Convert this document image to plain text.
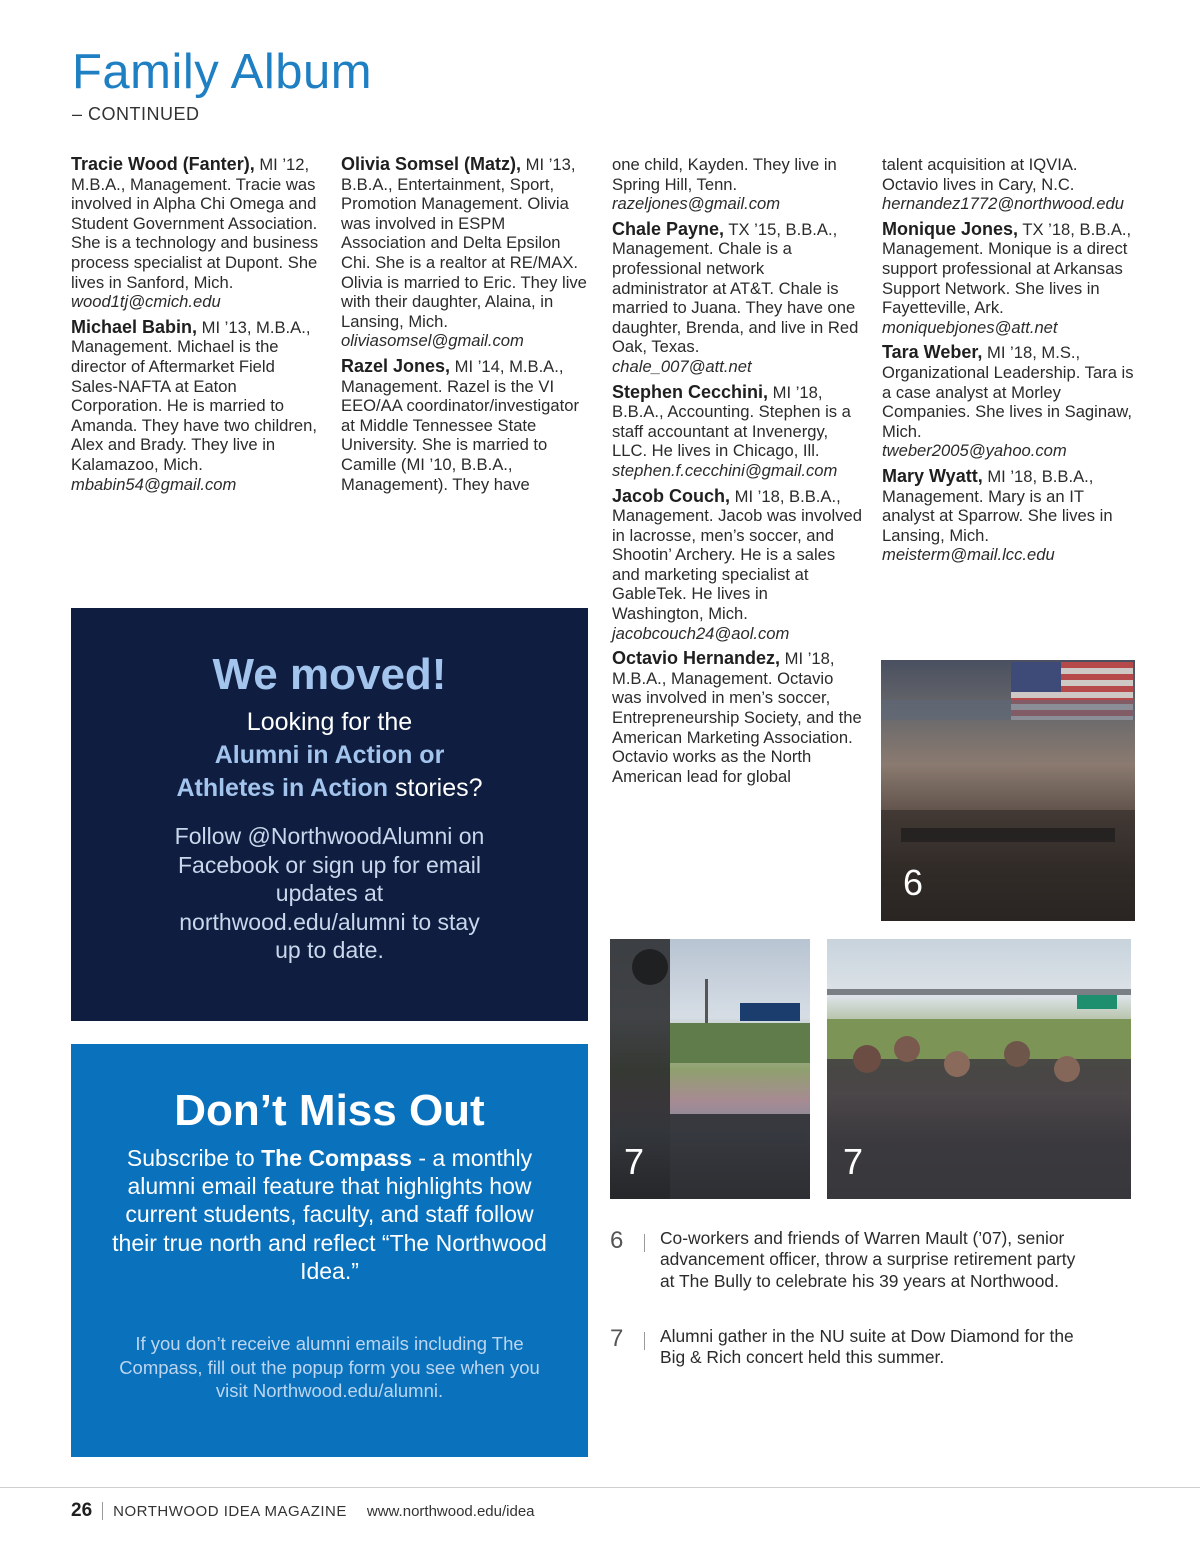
Family Album
– CONTINUED
Tracie Wood (Fanter), MI ’12, M.B.A., Management. Tracie was involved in Alpha Chi Omega and Student Government Association. She is a technology and business process specialist at Dupont. She lives in Sanford, Mich.
wood1tj@cmich.edu
Michael Babin, MI ’13, M.B.A., Management. Michael is the director of Aftermarket Field Sales-NAFTA at Eaton Corporation. He is married to Amanda. They have two children, Alex and Brady. They live in Kalamazoo, Mich.
mbabin54@gmail.com
Olivia Somsel (Matz), MI ’13, B.B.A., Entertainment, Sport, Promotion Management. Olivia was involved in ESPM Association and Delta Epsilon Chi. She is a realtor at RE/MAX. Olivia is married to Eric. They live with their daughter, Alaina, in Lansing, Mich.
oliviasomsel@gmail.com
Razel Jones, MI ’14, M.B.A., Management. Razel is the VI EEO/AA coordinator/investigator at Middle Tennessee State University. She is married to Camille (MI ’10, B.B.A., Management). They have
one child, Kayden. They live in Spring Hill, Tenn.
razeljones@gmail.com
Chale Payne, TX ’15, B.B.A., Management. Chale is a professional network administrator at AT&T. Chale is married to Juana. They have one daughter, Brenda, and live in Red Oak, Texas.
chale_007@att.net
Stephen Cecchini, MI ’18, B.B.A., Accounting. Stephen is a staff accountant at Invenergy, LLC. He lives in Chicago, Ill.
stephen.f.cecchini@gmail.com
Jacob Couch, MI ’18, B.B.A., Management. Jacob was involved in lacrosse, men’s soccer, and Shootin’ Archery. He is a sales and marketing specialist at GableTek. He lives in Washington, Mich.
jacobcouch24@aol.com
Octavio Hernandez, MI ’18, M.B.A., Management. Octavio was involved in men’s soccer, Entrepreneurship Society, and the American Marketing Association. Octavio works as the North American lead for global
talent acquisition at IQVIA. Octavio lives in Cary, N.C.
hernandez1772@northwood.edu
Monique Jones, TX ’18, B.B.A., Management. Monique is a direct support professional at Arkansas Support Network. She lives in Fayetteville, Ark.
moniquebjones@att.net
Tara Weber, MI ’18, M.S., Organizational Leadership. Tara is a case analyst at Morley Companies. She lives in Saginaw, Mich.
tweber2005@yahoo.com
Mary Wyatt, MI ’18, B.B.A., Management. Mary is an IT analyst at Sparrow. She lives in Lansing, Mich.
meisterm@mail.lcc.edu
We moved!
Looking for the
Alumni in Action or
Athletes in Action stories?
Follow @NorthwoodAlumni on Facebook or sign up for email updates at northwood.edu/alumni to stay up to date.
Don’t Miss Out
Subscribe to The Compass - a monthly alumni email feature that highlights how current students, faculty, and staff follow their true north and reflect “The Northwood Idea.”
If you don’t receive alumni emails including The Compass, fill out the popup form you see when you visit Northwood.edu/alumni.
6
7	7
6 Co-workers and friends of Warren Mault (’07), senior advancement officer, throw a surprise retirement party at The Bully to celebrate his 39 years at Northwood.
7 Alumni gather in the NU suite at Dow Diamond for the Big & Rich concert held this summer.
26 NORTHWOOD IDEA MAGAZINE www.northwood.edu/idea
